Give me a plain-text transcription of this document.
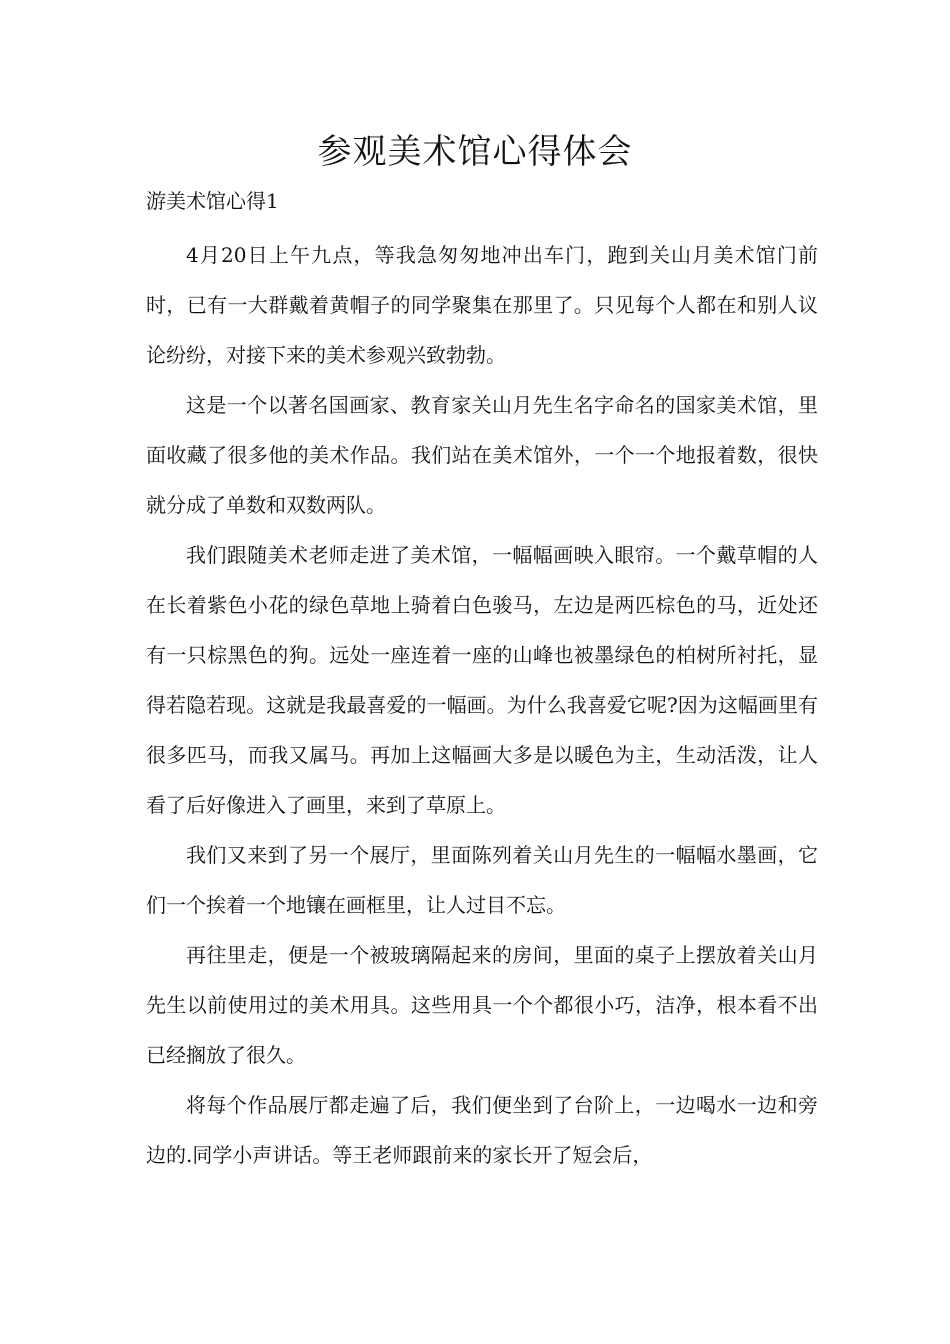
参观美术馆心得体会
游美术馆心得1

4月20日上午九点，等我急匆匆地冲出车门，跑到关山月美术馆门前时，已有一大群戴着黄帽子的同学聚集在那里了。只见每个人都在和别人议论纷纷，对接下来的美术参观兴致勃勃。

这是一个以著名国画家、教育家关山月先生名字命名的国家美术馆，里面收藏了很多他的美术作品。我们站在美术馆外，一个一个地报着数，很快就分成了单数和双数两队。

我们跟随美术老师走进了美术馆，一幅幅画映入眼帘。一个戴草帽的人在长着紫色小花的绿色草地上骑着白色骏马，左边是两匹棕色的马，近处还有一只棕黑色的狗。远处一座连着一座的山峰也被墨绿色的柏树所衬托，显得若隐若现。这就是我最喜爱的一幅画。为什么我喜爱它呢?因为这幅画里有很多匹马，而我又属马。再加上这幅画大多是以暖色为主，生动活泼，让人看了后好像进入了画里，来到了草原上。

我们又来到了另一个展厅，里面陈列着关山月先生的一幅幅水墨画，它们一个挨着一个地镶在画框里，让人过目不忘。

再往里走，便是一个被玻璃隔起来的房间，里面的桌子上摆放着关山月先生以前使用过的美术用具。这些用具一个个都很小巧，洁净，根本看不出已经搁放了很久。

将每个作品展厅都走遍了后，我们便坐到了台阶上，一边喝水一边和旁边的.同学小声讲话。等王老师跟前来的家长开了短会后，
